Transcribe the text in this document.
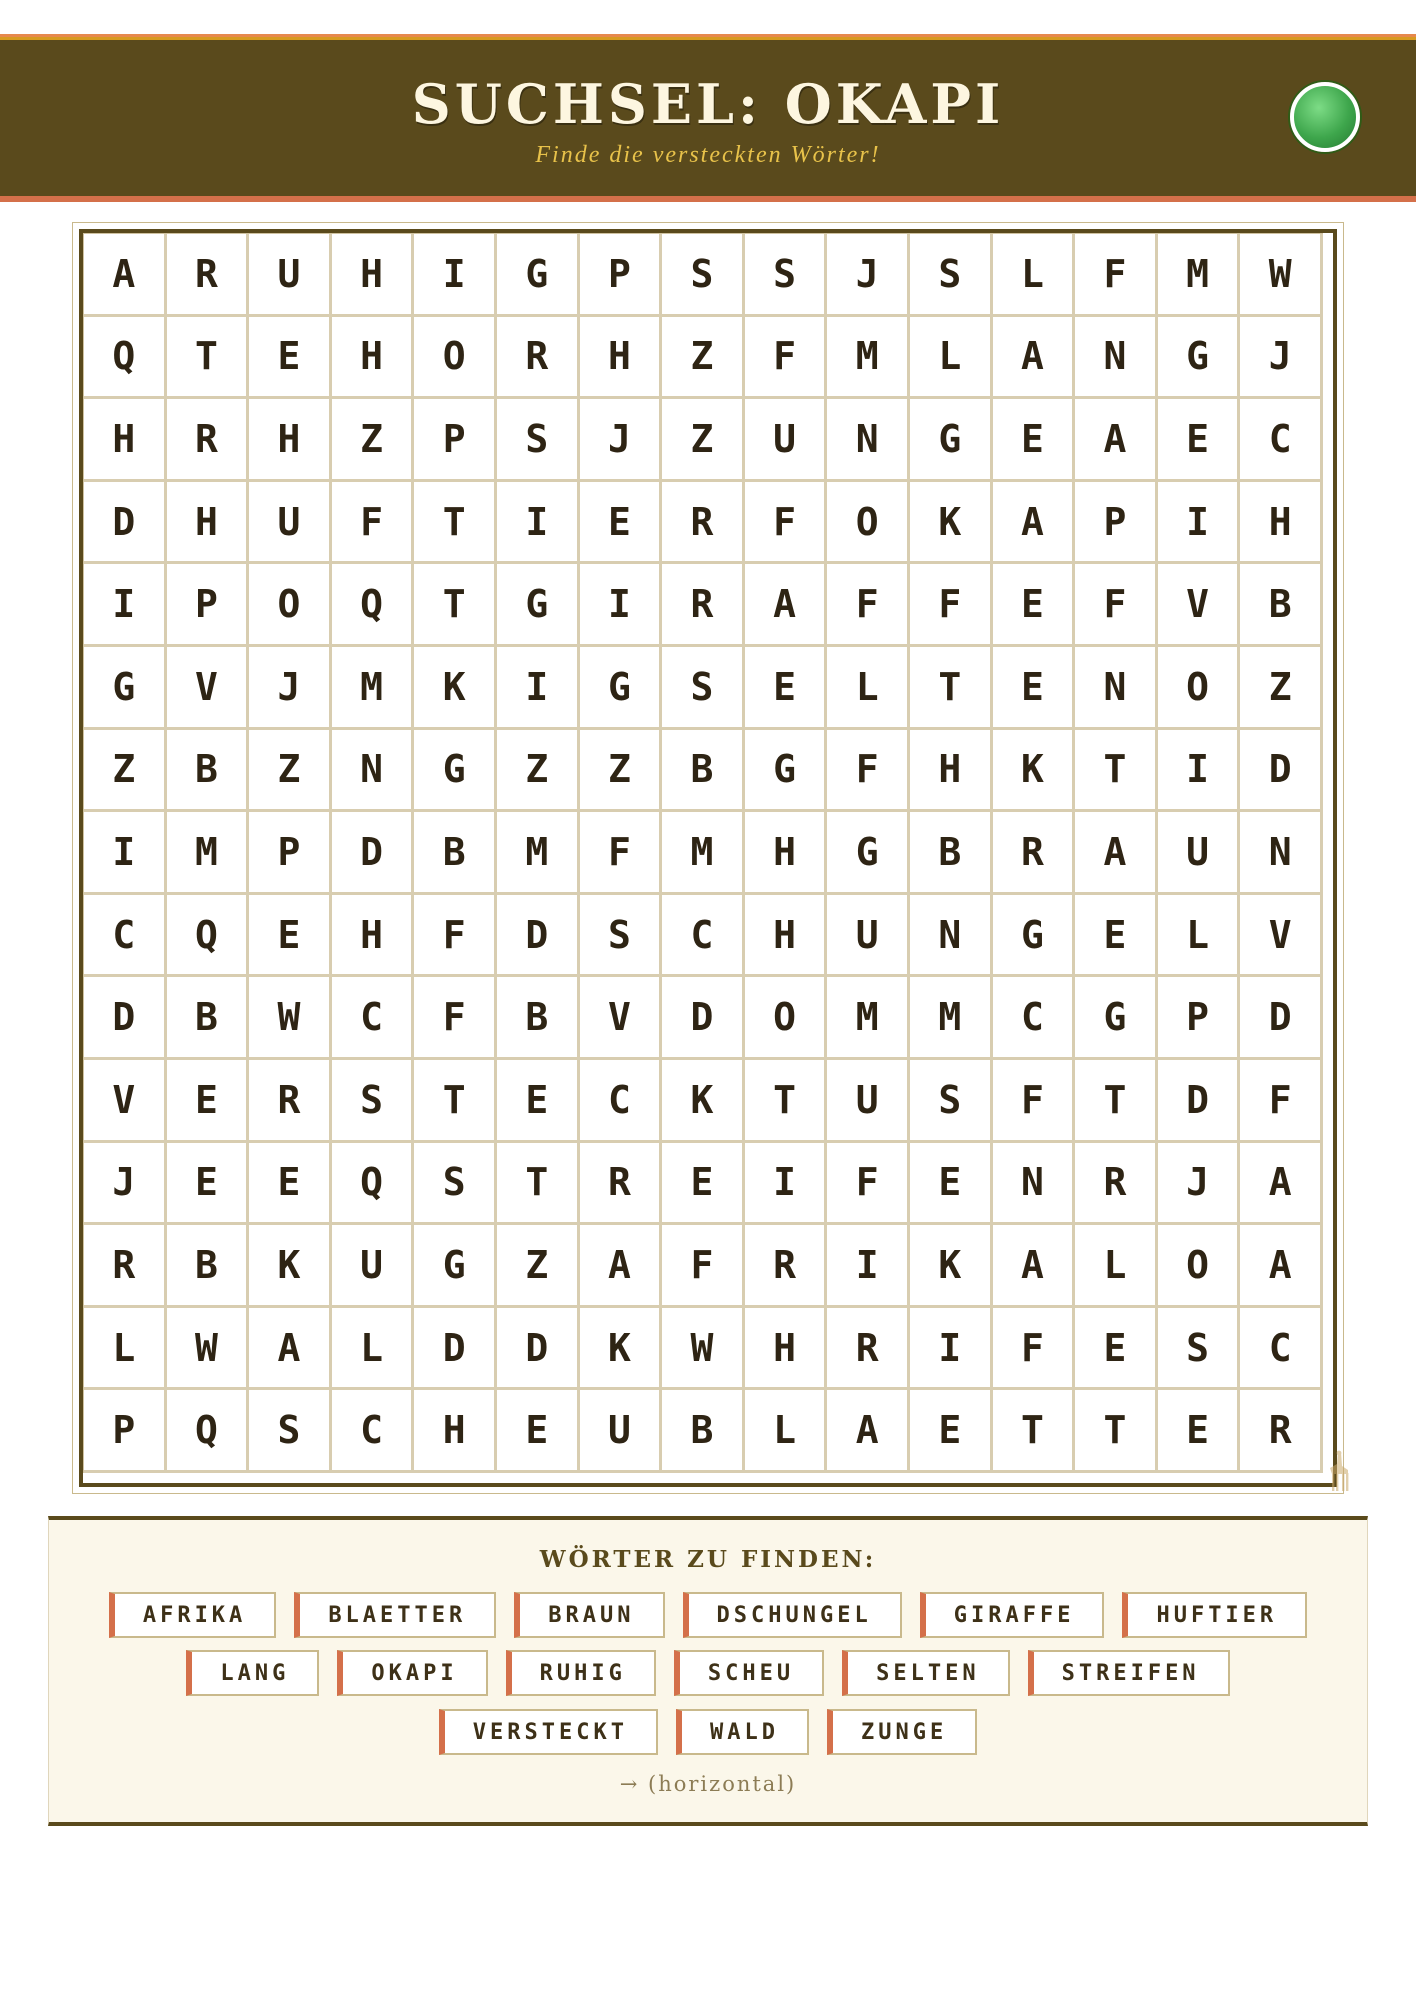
SUCHSEL: OKAPI
Finde die versteckten Wörter!
A	R	U	H	I	G	P	S	S	J	S	L	F	M	W
Q	T	E	H	O	R	H	Z	F	M	L	A	N	G	J
H	R	H	Z	P	S	J	Z	U	N	G	E	A	E	C
D	H	U	F	T	I	E	R	F	O	K	A	P	I	H
I	P	O	Q	T	G	I	R	A	F	F	E	F	V	B
G	V	J	M	K	I	G	S	E	L	T	E	N	O	Z
Z	B	Z	N	G	Z	Z	B	G	F	H	K	T	I	D
I	M	P	D	B	M	F	M	H	G	B	R	A	U	N
C	Q	E	H	F	D	S	C	H	U	N	G	E	L	V
D	B	W	C	F	B	V	D	O	M	M	C	G	P	D
V	E	R	S	T	E	C	K	T	U	S	F	T	D	F
J	E	E	Q	S	T	R	E	I	F	E	N	R	J	A
R	B	K	U	G	Z	A	F	R	I	K	A	L	O	A
L	W	A	L	D	D	K	W	H	R	I	F	E	S	C
P	Q	S	C	H	E	U	B	L	A	E	T	T	E	R
WÖRTER ZU FINDEN:
AFRIKA	BLAETTER	BRAUN	DSCHUNGEL	GIRAFFE	HUFTIER
LANG	OKAPI	RUHIG	SCHEU	SELTEN	STREIFEN
VERSTECKT	WALD	ZUNGE
→ (horizontal)
